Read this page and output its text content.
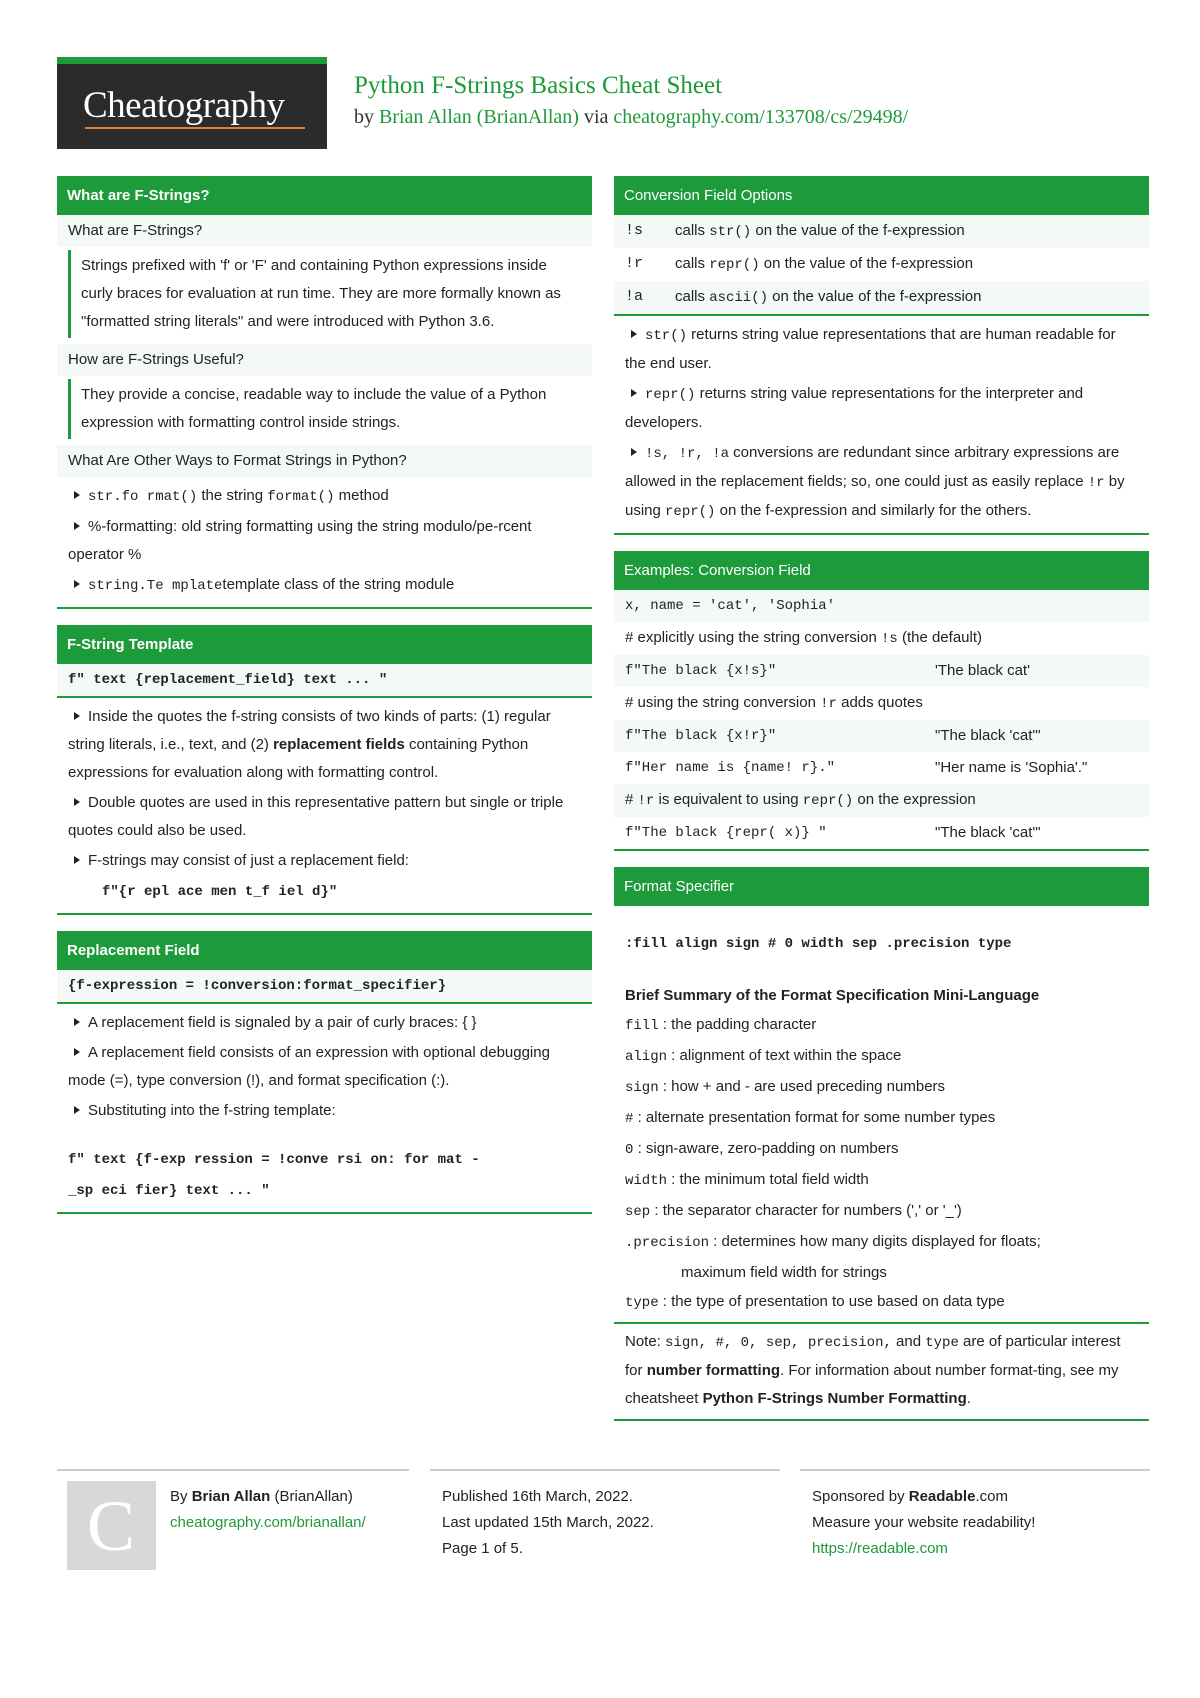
Cheatography	Python F-Strings Basics Cheat Sheet
by Brian Allan (BrianAllan) via cheatography.com/133708/cs/29498/
What are F-Strings?
What are F-Strings?
Strings prefixed with 'f' or 'F' and containing Python expressions inside curly braces for evaluation at run time. They are more formally known as "formatted string literals" and were introduced with Python 3.6.
How are F-Strings Useful?
They provide a concise, readable way to include the value of a Python expression with formatting control inside strings.
What Are Other Ways to Format Strings in Python?
str.fo rmat() the string format() method
%-formatting: old string formatting using the string modulo/pe-rcent operator %
string.Te mplatetemplate class of the string module
F-String Template
f" text {replacement_field} text ... "
Inside the quotes the f-string consists of two kinds of parts: (1) regular string literals, i.e., text, and (2) replacement fields containing Python expressions for evaluation along with formatting control.
Double quotes are used in this representative pattern but single or triple quotes could also be used.
F-strings may consist of just a replacement field:
f"{r epl ace men t_f iel d}"
Replacement Field
{f-expression = !conversion:format_specifier}
A replacement field is signaled by a pair of curly braces: { }
A replacement field consists of an expression with optional debugging mode (=), type conversion (!), and format specification (:).
Substituting into the f-string template:
f" text {f-exp ression = !conve rsi on: for mat -
_sp eci fier} text ... "
Conversion Field Options
!s	calls str() on the value of the f-expression
!r	calls repr() on the value of the f-expression
!a	calls ascii() on the value of the f-expression
str() returns string value representations that are human readable for the end user.
repr() returns string value representations for the interpreter and developers.
!s, !r, !a conversions are redundant since arbitrary expressions are allowed in the replacement fields; so, one could just as easily replace !r by using repr() on the f-expression and similarly for the others.
Examples: Conversion Field
x, name = 'cat', 'Sophia'
# explicitly using the string conversion !s (the default)
f"The black {x!s}"	'The black cat'
# using the string conversion !r adds quotes
f"The black {x!r}"	"The black 'cat'"
f"Her name is {name! r}."	"Her name is 'Sophia'."
# !r is equivalent to using repr() on the expression
f"The black {repr( x)} "	"The black 'cat'"
Format Specifier
:fill align sign # 0 width sep .precision type
Brief Summary of the Format Specification Mini-Language
fill : the padding character
align : alignment of text within the space
sign : how + and - are used preceding numbers
# : alternate presentation format for some number types
0 : sign-aware, zero-padding on numbers
width : the minimum total field width
sep : the separator character for numbers (',' or '_')
.precision : determines how many digits displayed for floats;
maximum field width for strings
type : the type of presentation to use based on data type
Note: sign, #, 0, sep, precision, and type are of particular interest for number formatting. For information about number format-ting, see my cheatsheet Python F-Strings Number Formatting.
C By Brian Allan (BrianAllan)
cheatography.com/brianallan/
Published 16th March, 2022.
Last updated 15th March, 2022.
Page 1 of 5.
Sponsored by Readable.com
Measure your website readability!
https://readable.com
